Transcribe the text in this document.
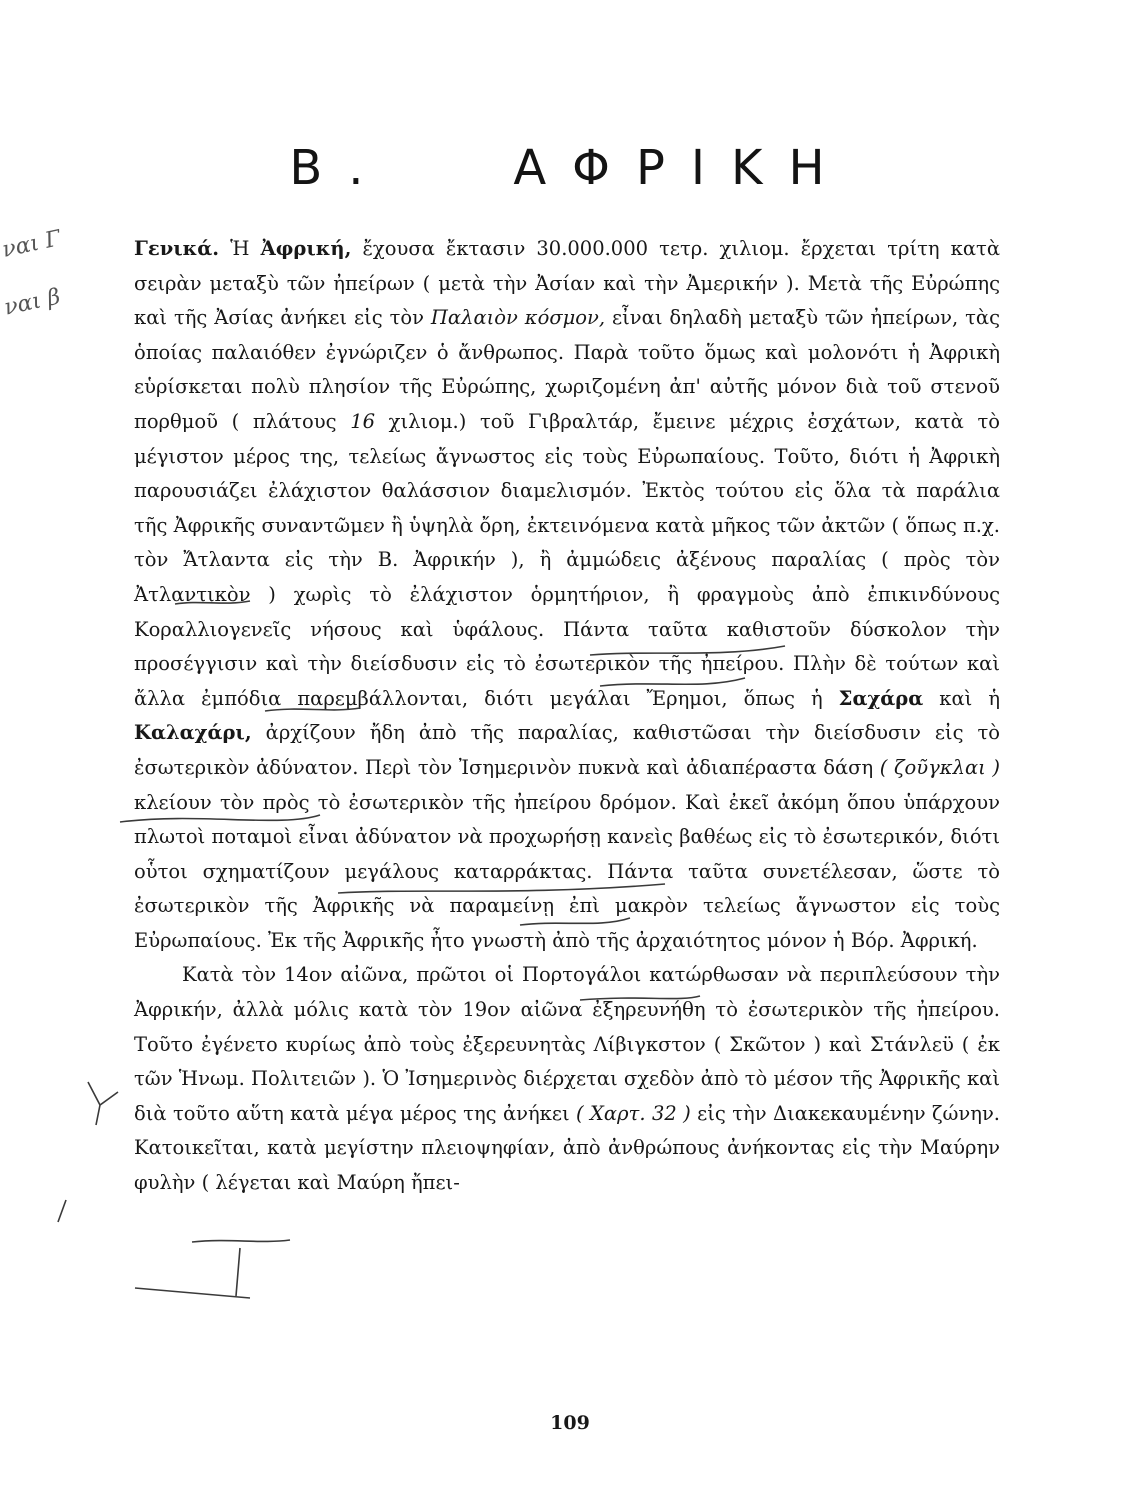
Β.   ΑΦΡΙΚΗ
ναι Γ
ναι β

Γενικά. Ἡ Ἀφρική, ἔχουσα ἔκτασιν 30.000.000 τετρ. χιλιομ. ἔρχεται τρίτη κατὰ σειρὰν μεταξὺ τῶν ἠπείρων ( μετὰ τὴν Ἀσίαν καὶ τὴν Ἀμερικήν ). Μετὰ τῆς Εὐρώπης καὶ τῆς Ἀσίας ἀνήκει εἰς τὸν Παλαιὸν κόσμον, εἶναι δηλαδὴ μεταξὺ τῶν ἠπείρων, τὰς ὁποίας παλαιόθεν ἐγνώριζεν ὁ ἄνθρωπος. Παρὰ τοῦτο ὅμως καὶ μολονότι ἡ Ἀφρικὴ εὑρίσκεται πολὺ πλησίον τῆς Εὐρώπης, χωριζομένη ἀπ' αὐτῆς μόνον διὰ τοῦ στενοῦ πορθμοῦ ( πλάτους 16 χιλιομ.) τοῦ Γιβραλτάρ, ἔμεινε μέχρις ἐσχάτων, κατὰ τὸ μέγιστον μέρος της, τελείως ἄγνωστος εἰς τοὺς Εὐρωπαίους. Τοῦτο, διότι ἡ Ἀφρικὴ παρουσιάζει ἐλάχιστον θαλάσσιον διαμελισμόν. Ἐκτὸς τούτου εἰς ὅλα τὰ παράλια τῆς Ἀφρικῆς συναντῶμεν ἢ ὑψηλὰ ὄρη, ἐκτεινόμενα κατὰ μῆκος τῶν ἀκτῶν ( ὅπως π.χ. τὸν Ἄτλαντα εἰς τὴν Β. Ἀφρικήν ), ἢ ἀμμώδεις ἀξένους παραλίας ( πρὸς τὸν Ἀτλαντικὸν ) χωρὶς τὸ ἐλάχιστον ὁρμητήριον, ἢ φραγμοὺς ἀπὸ ἐπικινδύνους Κοραλλιογενεῖς νήσους καὶ ὑφάλους. Πάντα ταῦτα καθιστοῦν δύσκολον τὴν προσέγγισιν καὶ τὴν διείσδυσιν εἰς τὸ ἐσωτερικὸν τῆς ἠπείρου. Πλὴν δὲ τούτων καὶ ἄλλα ἐμπόδια παρεμβάλλονται, διότι μεγάλαι Ἔρημοι, ὅπως ἡ Σαχάρα καὶ ἡ Καλαχάρι, ἀρχίζουν ἤδη ἀπὸ τῆς παραλίας, καθιστῶσαι τὴν διείσδυσιν εἰς τὸ ἐσωτερικὸν ἀδύνατον. Περὶ τὸν Ἰσημερινὸν πυκνὰ καὶ ἀδιαπέραστα δάση ( ζοῦγκλαι ) κλείουν τὸν πρὸς τὸ ἐσωτερικὸν τῆς ἠπείρου δρόμον. Καὶ ἐκεῖ ἀκόμη ὅπου ὑπάρχουν πλωτοὶ ποταμοὶ εἶναι ἀδύνατον νὰ προχωρήσῃ κανεὶς βαθέως εἰς τὸ ἐσωτερικόν, διότι οὗτοι σχηματίζουν μεγάλους καταρράκτας. Πάντα ταῦτα συνετέλεσαν, ὥστε τὸ ἐσωτερικὸν τῆς Ἀφρικῆς νὰ παραμείνῃ ἐπὶ μακρὸν τελείως ἄγνωστον εἰς τοὺς Εὐρωπαίους. Ἐκ τῆς Ἀφρικῆς ἦτο γνωστὴ ἀπὸ τῆς ἀρχαιότητος μόνον ἡ Βόρ. Ἀφρική.

Κατὰ τὸν 14ον αἰῶνα, πρῶτοι οἱ Πορτογάλοι κατώρθωσαν νὰ περιπλεύσουν τὴν Ἀφρικήν, ἀλλὰ μόλις κατὰ τὸν 19ον αἰῶνα ἐξηρευνήθη τὸ ἐσωτερικὸν τῆς ἠπείρου. Τοῦτο ἐγένετο κυρίως ἀπὸ τοὺς ἐξερευνητὰς Λίβιγκστον ( Σκῶτον ) καὶ Στάνλεϋ ( ἐκ τῶν Ἡνωμ. Πολιτειῶν ). Ὁ Ἰσημερινὸς διέρχεται σχεδὸν ἀπὸ τὸ μέσον τῆς Ἀφρικῆς καὶ διὰ τοῦτο αὕτη κατὰ μέγα μέρος της ἀνήκει ( Χαρτ. 32 ) εἰς τὴν Διακεκαυμένην ζώνην. Κατοικεῖται, κατὰ μεγίστην πλειοψηφίαν, ἀπὸ ἀνθρώπους ἀνήκοντας εἰς τὴν Μαύρην φυλὴν ( λέγεται καὶ Μαύρη ἤπει-

109
